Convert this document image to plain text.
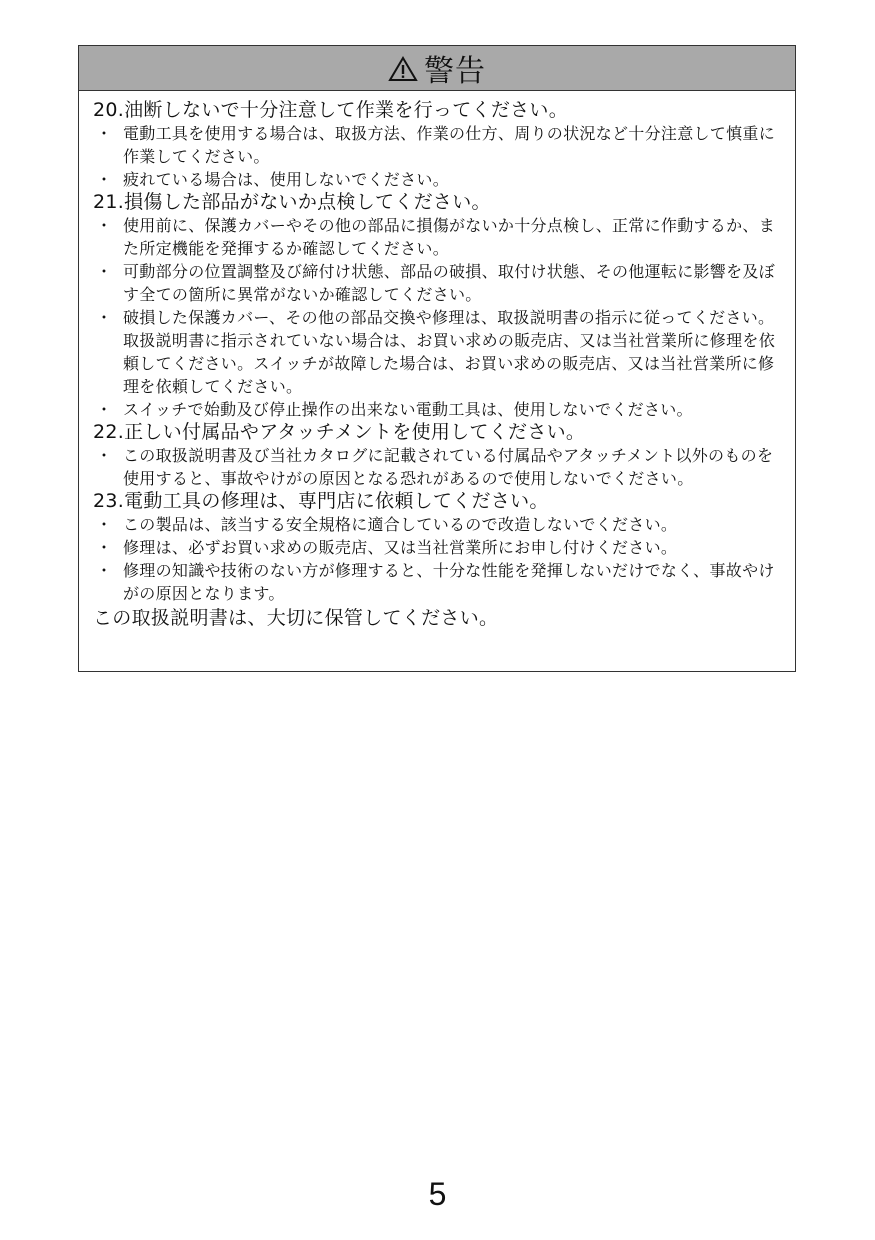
警告
20.油断しないで十分注意して作業を行ってください。
・ 電動工具を使用する場合は、取扱方法、作業の仕方、周りの状況など十分注意して慎重に作業してください。
・ 疲れている場合は、使用しないでください。
21.損傷した部品がないか点検してください。
・ 使用前に、保護カバーやその他の部品に損傷がないか十分点検し、正常に作動するか、また所定機能を発揮するか確認してください。
・ 可動部分の位置調整及び締付け状態、部品の破損、取付け状態、その他運転に影響を及ぼす全ての箇所に異常がないか確認してください。
・ 破損した保護カバー、その他の部品交換や修理は、取扱説明書の指示に従ってください。取扱説明書に指示されていない場合は、お買い求めの販売店、又は当社営業所に修理を依頼してください。スイッチが故障した場合は、お買い求めの販売店、又は当社営業所に修理を依頼してください。
・ スイッチで始動及び停止操作の出来ない電動工具は、使用しないでください。
22.正しい付属品やアタッチメントを使用してください。
・ この取扱説明書及び当社カタログに記載されている付属品やアタッチメント以外のものを使用すると、事故やけがの原因となる恐れがあるので使用しないでください。
23.電動工具の修理は、専門店に依頼してください。
・ この製品は、該当する安全規格に適合しているので改造しないでください。
・ 修理は、必ずお買い求めの販売店、又は当社営業所にお申し付けください。
・ 修理の知識や技術のない方が修理すると、十分な性能を発揮しないだけでなく、事故やけがの原因となります。
この取扱説明書は、大切に保管してください。
5
